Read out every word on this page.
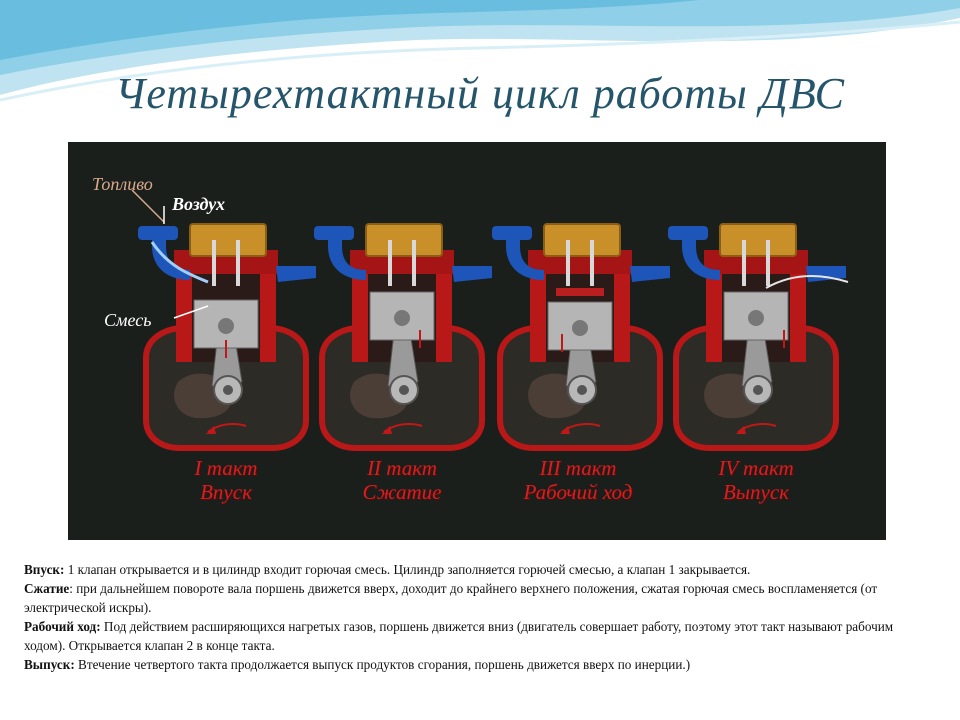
Четырехтактный цикл работы ДВС
Топливо
Воздух
Смесь
I такт
Впуск
II такт
Сжатие
III такт
Рабочий ход
IV такт
Выпуск

Впуск: 1 клапан открывается и в цилиндр входит горючая смесь. Цилиндр заполняется горючей смесью, а клапан 1 закрывается.

Сжатие: при дальнейшем повороте вала поршень движется вверх, доходит до крайнего верхнего положения, сжатая горючая смесь воспламеняется (от электрической искры).

Рабочий ход: Под действием расширяющихся нагретых газов, поршень движется вниз (двигатель совершает работу, поэтому этот такт называют рабочим ходом). Открывается клапан 2 в конце такта.

Выпуск: Втечение четвертого такта продолжается выпуск продуктов сгорания, поршень движется вверх по инерции.)
